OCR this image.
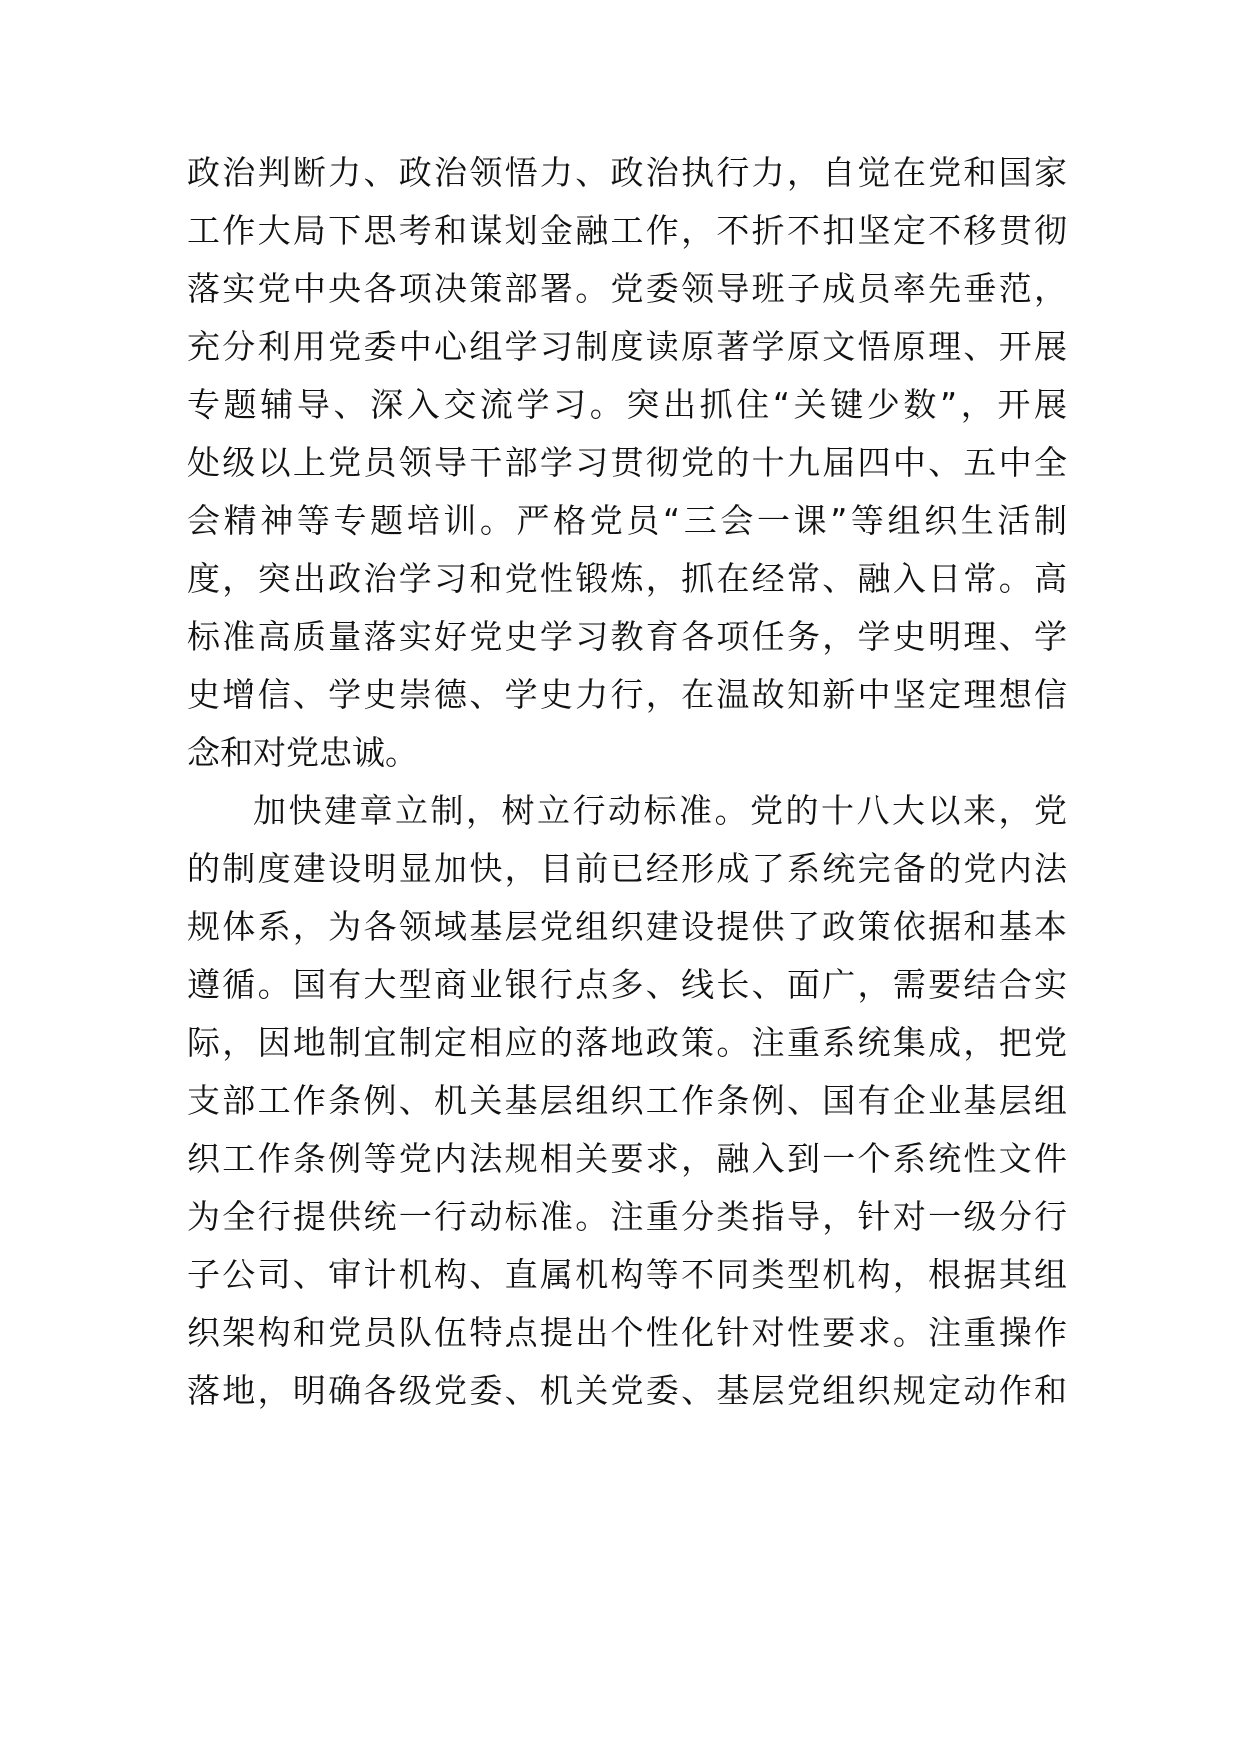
政治判断力、政治领悟力、政治执行力，自觉在党和国家
工作大局下思考和谋划金融工作，不折不扣坚定不移贯彻
落实党中央各项决策部署。党委领导班子成员率先垂范，
充分利用党委中心组学习制度读原著学原文悟原理、开展
专题辅导、深入交流学习。突出抓住“关键少数”，开展
处级以上党员领导干部学习贯彻党的十九届四中、五中全
会精神等专题培训。严格党员“三会一课”等组织生活制
度，突出政治学习和党性锻炼，抓在经常、融入日常。高
标准高质量落实好党史学习教育各项任务，学史明理、学
史增信、学史崇德、学史力行，在温故知新中坚定理想信
念和对党忠诚。
加快建章立制，树立行动标准。党的十八大以来，党
的制度建设明显加快，目前已经形成了系统完备的党内法
规体系，为各领域基层党组织建设提供了政策依据和基本
遵循。国有大型商业银行点多、线长、面广，需要结合实
际，因地制宜制定相应的落地政策。注重系统集成，把党
支部工作条例、机关基层组织工作条例、国有企业基层组
织工作条例等党内法规相关要求，融入到一个系统性文件
为全行提供统一行动标准。注重分类指导，针对一级分行
子公司、审计机构、直属机构等不同类型机构，根据其组
织架构和党员队伍特点提出个性化针对性要求。注重操作
落地，明确各级党委、机关党委、基层党组织规定动作和
